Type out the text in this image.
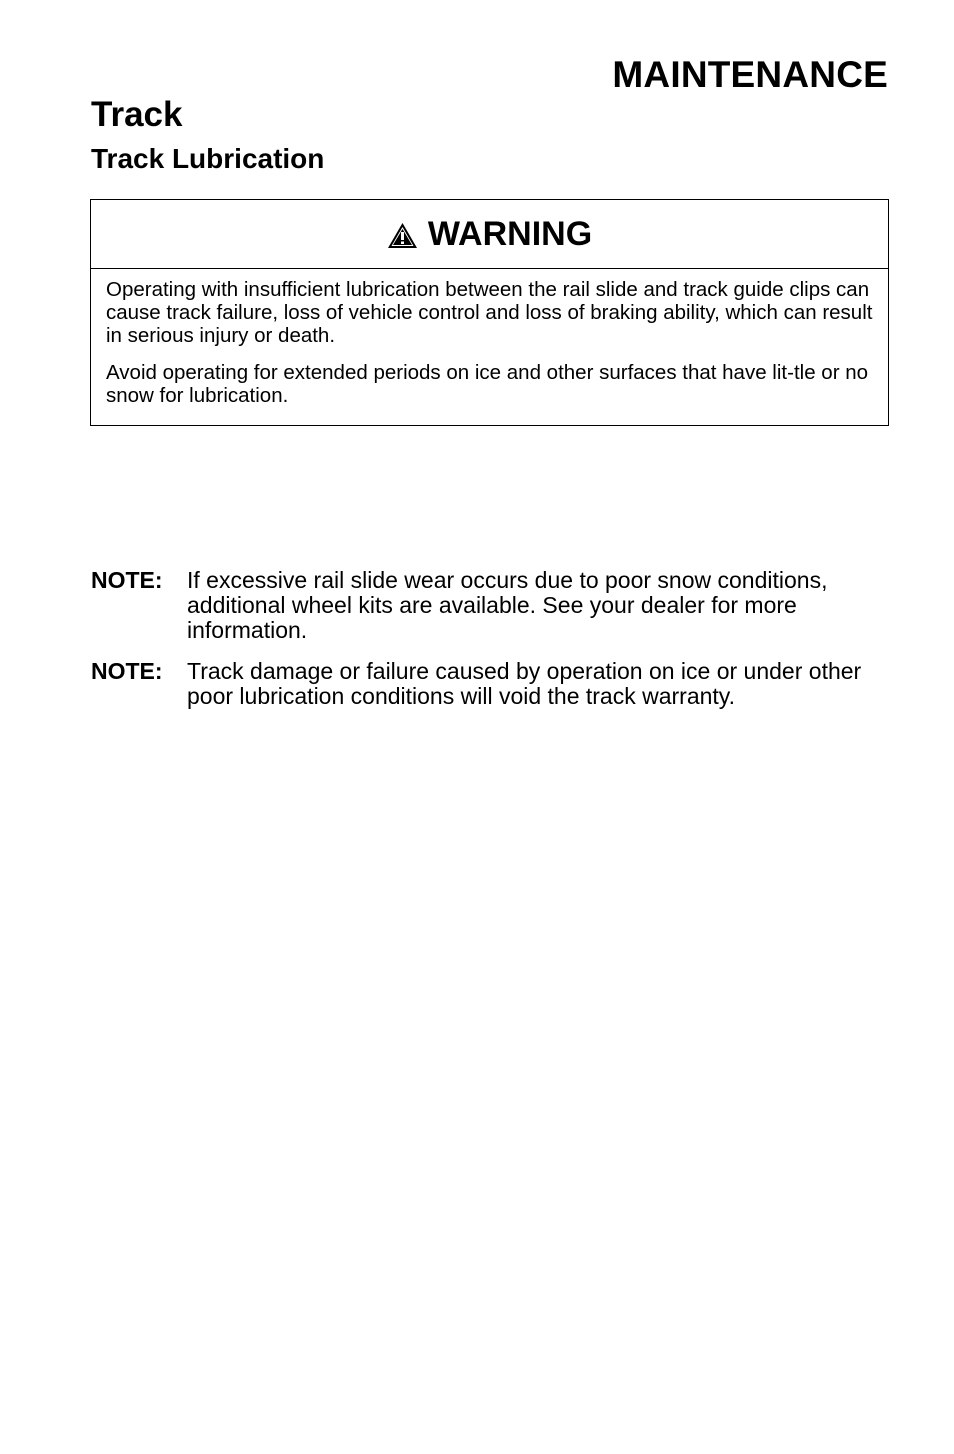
MAINTENANCE
Track
Track Lubrication
WARNING

Operating with insufficient lubrication between the rail slide and track guide clips can cause track failure, loss of vehicle control and loss of braking ability, which can result in serious injury or death.

Avoid operating for extended periods on ice and other surfaces that have lit-tle or no snow for lubrication.

NOTE:	If excessive rail slide wear occurs due to poor snow conditions, additional wheel kits are available. See your dealer for more information.
NOTE:	Track damage or failure caused by operation on ice or under other poor lubrication conditions will void the track warranty.
